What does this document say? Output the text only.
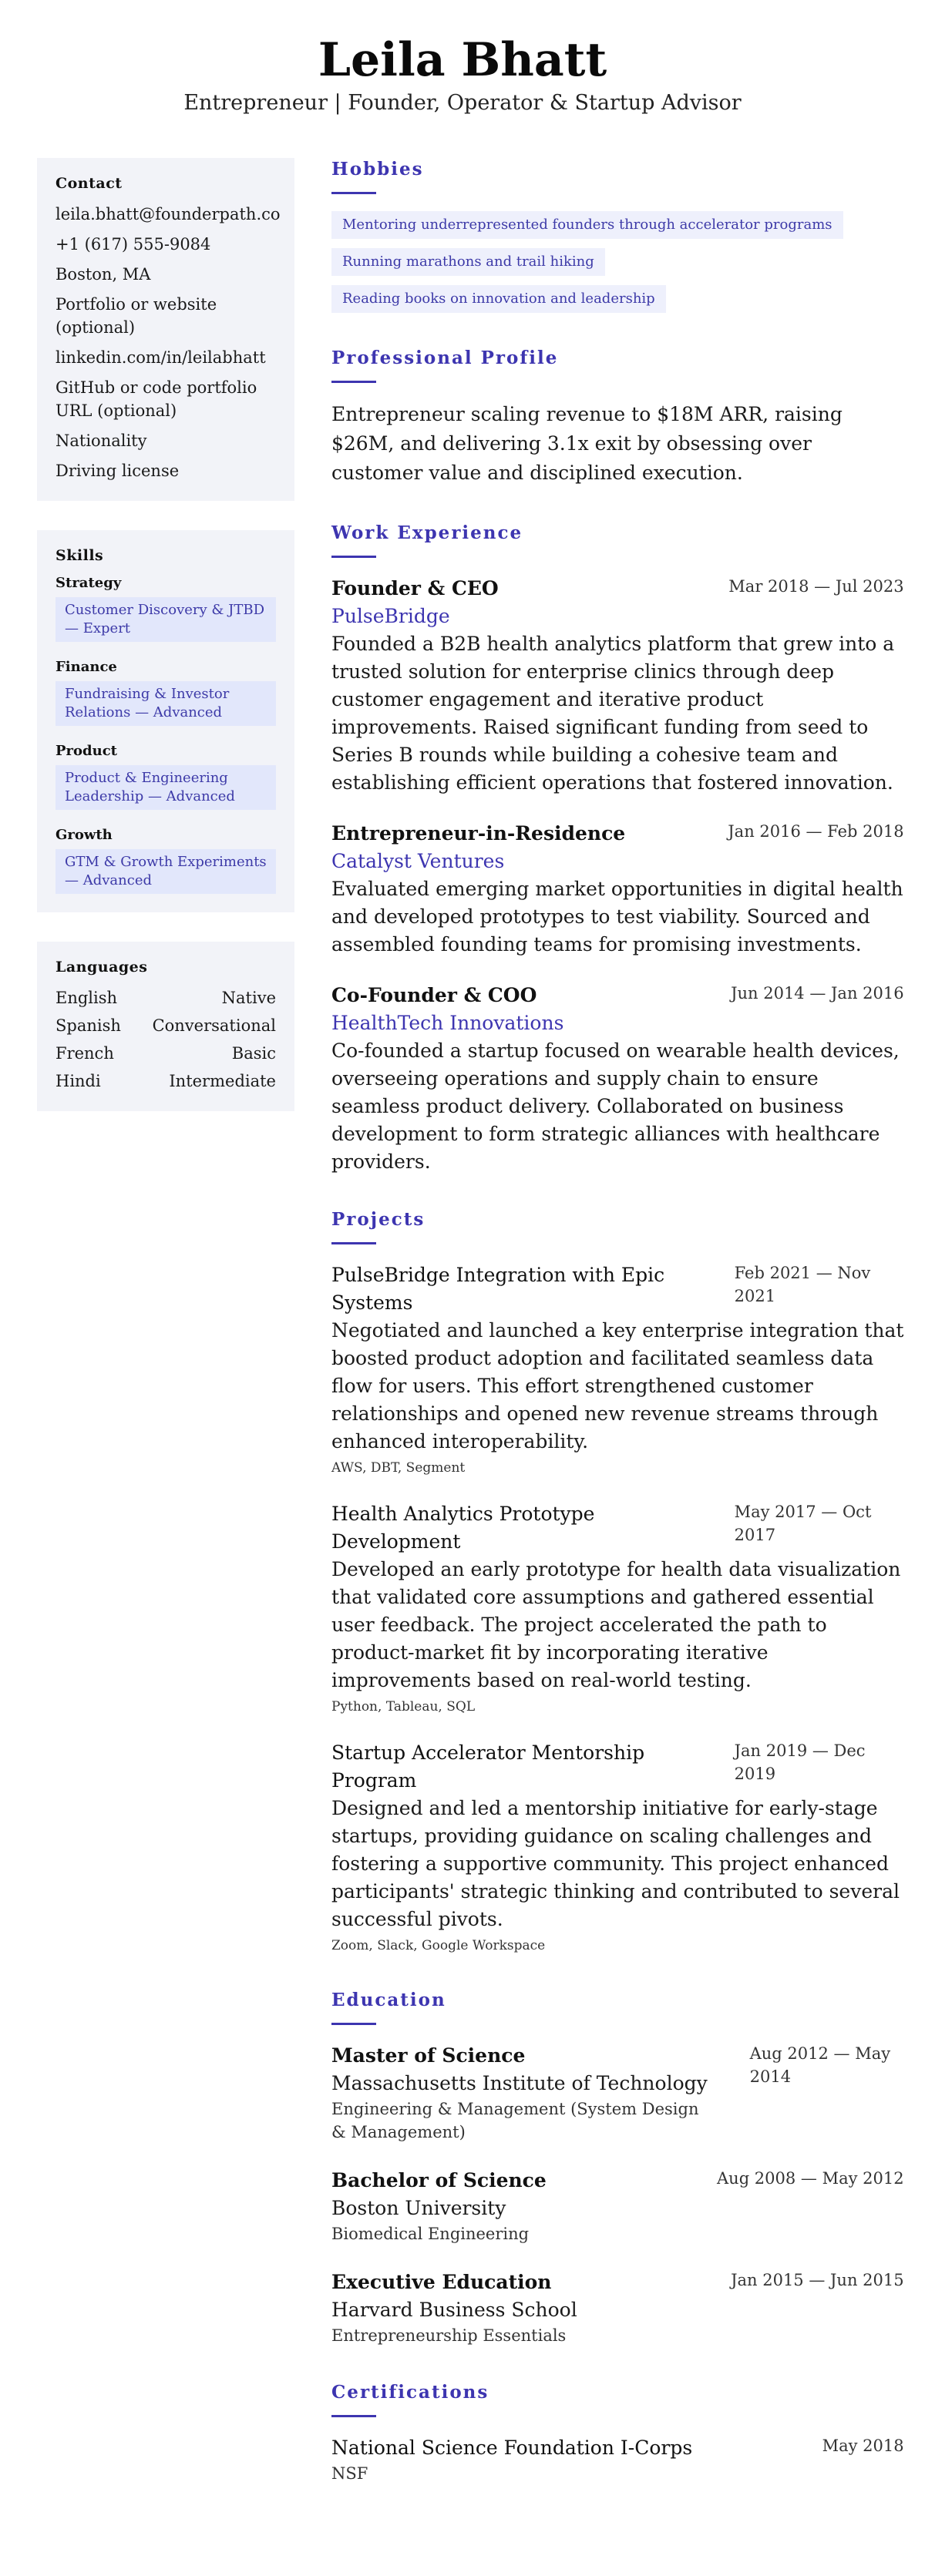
Leila Bhatt
Entrepreneur | Founder, Operator & Startup Advisor
Contact
leila.bhatt@founderpath.co
+1 (617) 555-9084
Boston, MA
Portfolio or website (optional)
linkedin.com/in/leilabhatt
GitHub or code portfolio URL (optional)
Nationality
Driving license
Skills
Strategy
Customer Discovery & JTBD — Expert
Finance
Fundraising & Investor Relations — Advanced
Product
Product & Engineering Leadership — Advanced
Growth
GTM & Growth Experiments — Advanced
Languages
English	Native
Spanish Conversational
French	Basic
Hindi	Intermediate
Hobbies
Mentoring underrepresented founders through accelerator programs
Running marathons and trail hiking
Reading books on innovation and leadership
Professional Profile
Entrepreneur scaling revenue to $18M ARR, raising $26M, and delivering 3.1x exit by obsessing over customer value and disciplined execution.
Work Experience
Founder & CEO	Mar 2018 — Jul 2023
PulseBridge
Founded a B2B health analytics platform that grew into a trusted solution for enterprise clinics through deep customer engagement and iterative product improvements. Raised significant funding from seed to Series B rounds while building a cohesive team and establishing efficient operations that fostered innovation.
Entrepreneur-in-Residence	Jan 2016 — Feb 2018
Catalyst Ventures
Evaluated emerging market opportunities in digital health and developed prototypes to test viability. Sourced and assembled founding teams for promising investments.
Co-Founder & COO	Jun 2014 — Jan 2016
HealthTech Innovations
Co-founded a startup focused on wearable health devices, overseeing operations and supply chain to ensure seamless product delivery. Collaborated on business development to form strategic alliances with healthcare providers.
Projects
PulseBridge Integration with Epic Systems
Feb 2021 — Nov 2021
Negotiated and launched a key enterprise integration that boosted product adoption and facilitated seamless data flow for users. This effort strengthened customer relationships and opened new revenue streams through enhanced interoperability.
AWS, DBT, Segment
Health Analytics Prototype Development
May 2017 — Oct 2017
Developed an early prototype for health data visualization that validated core assumptions and gathered essential user feedback. The project accelerated the path to product-market fit by incorporating iterative improvements based on real-world testing.
Python, Tableau, SQL
Startup Accelerator Mentorship Program
Jan 2019 — Dec 2019
Designed and led a mentorship initiative for early-stage startups, providing guidance on scaling challenges and fostering a supportive community. This project enhanced participants' strategic thinking and contributed to several successful pivots.
Zoom, Slack, Google Workspace
Education
Master of Science
Massachusetts Institute of Technology
Engineering & Management (System Design & Management)
Aug 2012 — May 2014
Bachelor of Science
Boston University
Biomedical Engineering
Aug 2008 — May 2012
Executive Education
Harvard Business School
Entrepreneurship Essentials
Jan 2015 — Jun 2015
Certifications
National Science Foundation I-Corps
NSF
May 2018
